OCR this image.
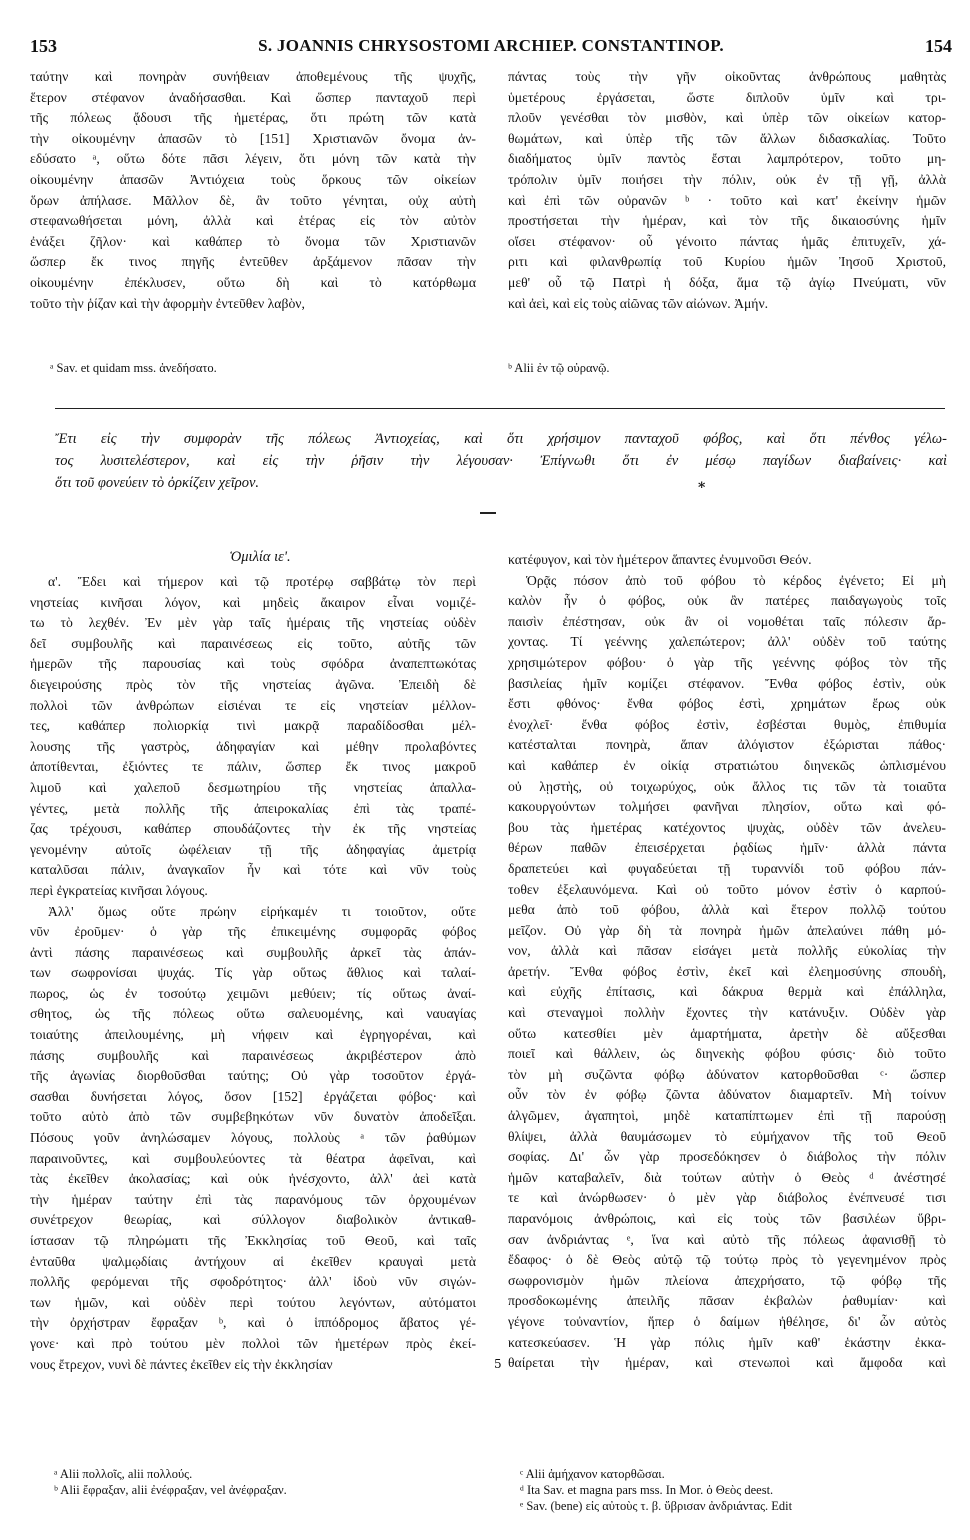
153	S. JOANNIS CHRYSOSTOMI ARCHIEP. CONSTANTINOP.	154
ταύτην καὶ πονηρὰν συνήθειαν ἀποθεμένους τῆς ψυχῆς,
ἕτερον στέφανον ἀναδήσασθαι. Καὶ ὥσπερ πανταχοῦ περὶ
τῆς πόλεως ᾄδουσι τῆς ἡμετέρας, ὅτι πρώτη τῶν κατὰ
τὴν οἰκουμένην ἁπασῶν τὸ [151] Χριστιανῶν ὄνομα ἀν-
εδύσατο ᵃ, οὕτω δότε πᾶσι λέγειν, ὅτι μόνη τῶν κατὰ τὴν
οἰκουμένην ἁπασῶν Ἀντιόχεια τοὺς ὅρκους τῶν οἰκείων
ὅρων ἀπήλασε. Μᾶλλον δὲ, ἂν τοῦτο γένηται, οὐχ αὐτὴ
στεφανωθήσεται μόνη, ἀλλὰ καὶ ἑτέρας εἰς τὸν αὐτὸν
ἐνάξει ζῆλον· καὶ καθάπερ τὸ ὄνομα τῶν Χριστιανῶν
ὥσπερ ἔκ τινος πηγῆς ἐντεῦθεν ἀρξάμενον πᾶσαν τὴν
οἰκουμένην ἐπέκλυσεν, οὕτω δὴ καὶ τὸ κατόρθωμα
τοῦτο τὴν ῥίζαν καὶ τὴν ἀφορμὴν ἐντεῦθεν λαβὸν,
πάντας τοὺς τὴν γῆν οἰκοῦντας ἀνθρώπους μαθητὰς
ὑμετέρους ἐργάσεται, ὥστε διπλοῦν ὑμῖν καὶ τρι-
πλοῦν γενέσθαι τὸν μισθὸν, καὶ ὑπὲρ τῶν οἰκείων κατορ-
θωμάτων, καὶ ὑπὲρ τῆς τῶν ἄλλων διδασκαλίας. Τοῦτο
διαδήματος ὑμῖν παντὸς ἔσται λαμπρότερον, τοῦτο μη-
τρόπολιν ὑμῖν ποιήσει τὴν πόλιν, οὐκ ἐν τῇ γῇ, ἀλλὰ
καὶ ἐπὶ τῶν οὐρανῶν ᵇ · τοῦτο καὶ κατ' ἐκείνην ἡμῶν
προστήσεται τὴν ἡμέραν, καὶ τὸν τῆς δικαιοσύνης ἡμῖν
οἴσει στέφανον· οὗ γένοιτο πάντας ἡμᾶς ἐπιτυχεῖν, χά-
ριτι καὶ φιλανθρωπίᾳ τοῦ Κυρίου ἡμῶν Ἰησοῦ Χριστοῦ,
μεθ' οὗ τῷ Πατρὶ ἡ δόξα, ἅμα τῷ ἁγίῳ Πνεύματι, νῦν
καὶ ἀεὶ, καὶ εἰς τοὺς αἰῶνας τῶν αἰώνων. Ἀμήν.
ᵃ Sav. et quidam mss. ἀνεδήσατο.	ᵇ Alii ἐν τῷ οὐρανῷ.
Ἔτι εἰς τὴν συμφορὰν τῆς πόλεως Ἀντιοχείας, καὶ ὅτι χρήσιμον πανταχοῦ φόβος, καὶ ὅτι πένθος γέλω-
τος λυσιτελέστερον, καὶ εἰς τὴν ῥῆσιν τὴν λέγουσαν· Ἐπίγνωθι ὅτι ἐν μέσῳ παγίδων διαβαίνεις· καὶ
ὅτι τοῦ φονεύειν τὸ ὀρκίζειν χεῖρον.	*
Ὁμιλία ιε'.
α'. Ἔδει καὶ τήμερον καὶ τῷ προτέρῳ σαββάτῳ τὸν περὶ
νηστείας κινῆσαι λόγον, καὶ μηδεὶς ἄκαιρον εἶναι νομιζέ-
τω τὸ λεχθέν. Ἐν μὲν γὰρ ταῖς ἡμέραις τῆς νηστείας οὐδὲν
δεῖ συμβουλῆς καὶ παραινέσεως εἰς τοῦτο, αὐτῆς τῶν
ἡμερῶν τῆς παρουσίας καὶ τοὺς σφόδρα ἀναπεπτωκότας
διεγειρούσης πρὸς τὸν τῆς νηστείας ἀγῶνα. Ἐπειδὴ δὲ
πολλοὶ τῶν ἀνθρώπων εἰσιέναι τε εἰς νηστείαν μέλλον-
τες, καθάπερ πολιορκίᾳ τινὶ μακρᾷ παραδίδοσθαι μέλ-
λουσης τῆς γαστρὸς, ἀδηφαγίαν καὶ μέθην προλαβόντες
ἀποτίθενται, ἐξιόντες τε πάλιν, ὥσπερ ἔκ τινος μακροῦ
λιμοῦ καὶ χαλεποῦ δεσμωτηρίου τῆς νηστείας ἀπαλλα-
γέντες, μετὰ πολλῆς τῆς ἀπειροκαλίας ἐπὶ τὰς τραπέ-
ζας τρέχουσι, καθάπερ σπουδάζοντες τὴν ἐκ τῆς νηστείας
γενομένην αὐτοῖς ὠφέλειαν τῇ τῆς ἀδηφαγίας ἀμετρίᾳ
καταλῦσαι πάλιν, ἀναγκαῖον ἦν καὶ τότε καὶ νῦν τοὺς
περὶ ἐγκρατείας κινῆσαι λόγους.
Ἀλλ' ὅμως οὔτε πρώην εἰρήκαμέν τι τοιοῦτον, οὔτε
νῦν ἐροῦμεν· ὁ γὰρ τῆς ἐπικειμένης συμφορᾶς φόβος
ἀντὶ πάσης παραινέσεως καὶ συμβουλῆς ἀρκεῖ τὰς ἁπάν-
των σωφρονίσαι ψυχάς. Τίς γὰρ οὕτως ἄθλιος καὶ ταλαί-
πωρος, ὡς ἐν τοσούτῳ χειμῶνι μεθύειν; τίς οὕτως ἀναί-
σθητος, ὡς τῆς πόλεως οὕτω σαλευομένης, καὶ ναυαγίας
τοιαύτης ἀπειλουμένης, μὴ νήφειν καὶ ἐγρηγορέναι, καὶ
πάσης συμβουλῆς καὶ παραινέσεως ἀκριβέστερον ἀπὸ
τῆς ἀγωνίας διορθοῦσθαι ταύτης; Οὐ γὰρ τοσοῦτον ἐργά-
σασθαι δυνήσεται λόγος, ὅσον [152] ἐργάζεται φόβος· καὶ
τοῦτο αὐτὸ ἀπὸ τῶν συμβεβηκότων νῦν δυνατὸν ἀποδεῖξαι.
Πόσους γοῦν ἀνηλώσαμεν λόγους, πολλοὺς ᵃ τῶν ῥαθύμων
παραινοῦντες, καὶ συμβουλεύοντες τὰ θέατρα ἀφεῖναι, καὶ
τὰς ἐκεῖθεν ἀκολασίας; καὶ οὐκ ἠνέσχοντο, ἀλλ' ἀεὶ κατὰ
τὴν ἡμέραν ταύτην ἐπὶ τὰς παρανόμους τῶν ὀρχουμένων
συνέτρεχον θεωρίας, καὶ σύλλογον διαβολικὸν ἀντικαθ-
ίστασαν τῷ πληρώματι τῆς Ἐκκλησίας τοῦ Θεοῦ, καὶ ταῖς
ἐνταῦθα ψαλμῳδίαις ἀντήχουν αἱ ἐκεῖθεν κραυγαὶ μετὰ
πολλῆς φερόμεναι τῆς σφοδρότητος· ἀλλ' ἰδοὺ νῦν σιγών-
των ἡμῶν, καὶ οὐδὲν περὶ τούτου λεγόντων, αὐτόματοι
τὴν ὀρχήστραν ἔφραξαν ᵇ, καὶ ὁ ἱππόδρομος ἄβατος γέ-
γονε· καὶ πρὸ τούτου μὲν πολλοὶ τῶν ἡμετέρων πρὸς ἐκεί-
νους ἔτρεχον, νυνὶ δὲ πάντες ἐκεῖθεν εἰς τὴν ἐκκλησίαν
κατέφυγον, καὶ τὸν ἡμέτερον ἅπαντες ἐνυμνοῦσι Θεόν.
Ὁρᾷς πόσον ἀπὸ τοῦ φόβου τὸ κέρδος ἐγένετο; Εἰ μὴ
καλὸν ἦν ὁ φόβος, οὐκ ἂν πατέρες παιδαγωγοὺς τοῖς
παισὶν ἐπέστησαν, οὐκ ἂν οἱ νομοθέται ταῖς πόλεσιν ἄρ-
χοντας. Τί γεέννης χαλεπώτερον; ἀλλ' οὐδὲν τοῦ ταύτης
χρησιμώτερον φόβου· ὁ γὰρ τῆς γεέννης φόβος τὸν τῆς
βασιλείας ἡμῖν κομίζει στέφανον. Ἔνθα φόβος ἐστὶν, οὐκ
ἔστι φθόνος· ἔνθα φόβος ἐστὶ, χρημάτων ἔρως οὐκ
ἐνοχλεῖ· ἔνθα φόβος ἐστὶν, ἐσβέσται θυμὸς, ἐπιθυμία
κατέσταλται πονηρὰ, ἅπαν ἀλόγιστον ἐξώρισται πάθος·
καὶ καθάπερ ἐν οἰκίᾳ στρατιώτου διηνεκῶς ὡπλισμένου
οὐ λῃστὴς, οὐ τοιχωρύχος, οὐκ ἄλλος τις τῶν τὰ τοιαῦτα
κακουργούντων τολμήσει φανῆναι πλησίον, οὕτω καὶ φό-
βου τὰς ἡμετέρας κατέχοντος ψυχὰς, οὐδὲν τῶν ἀνελευ-
θέρων παθῶν ἐπεισέρχεται ῥᾳδίως ἡμῖν· ἀλλὰ πάντα
δραπετεύει καὶ φυγαδεύεται τῇ τυραννίδι τοῦ φόβου πάν-
τοθεν ἐξελαυνόμενα. Καὶ οὐ τοῦτο μόνον ἐστὶν ὁ καρπού-
μεθα ἀπὸ τοῦ φόβου, ἀλλὰ καὶ ἕτερον πολλῷ τούτου
μεῖζον. Οὐ γὰρ δὴ τὰ πονηρὰ ἡμῶν ἀπελαύνει πάθη μό-
νον, ἀλλὰ καὶ πᾶσαν εἰσάγει μετὰ πολλῆς εὐκολίας τὴν
ἀρετήν. Ἔνθα φόβος ἐστὶν, ἐκεῖ καὶ ἐλεημοσύνης σπουδὴ,
καὶ εὐχῆς ἐπίτασις, καὶ δάκρυα θερμὰ καὶ ἐπάλληλα,
καὶ στεναγμοὶ πολλὴν ἔχοντες τὴν κατάνυξιν. Οὐδὲν γὰρ
οὕτω κατεσθίει μὲν ἁμαρτήματα, ἀρετὴν δὲ αὔξεσθαι
ποιεῖ καὶ θάλλειν, ὡς διηνεκὴς φόβου φύσις· διὸ τοῦτο
τὸν μὴ συζῶντα φόβῳ ἀδύνατον κατορθοῦσθαι ᶜ· ὥσπερ
οὖν τὸν ἐν φόβῳ ζῶντα ἀδύνατον διαμαρτεῖν. Μὴ τοίνυν
ἀλγῶμεν, ἀγαπητοὶ, μηδὲ καταπίπτωμεν ἐπὶ τῇ παρούσῃ
θλίψει, ἀλλὰ θαυμάσωμεν τὸ εὐμήχανον τῆς τοῦ Θεοῦ
σοφίας. Δι' ὧν γὰρ προσεδόκησεν ὁ διάβολος τὴν πόλιν
ἡμῶν καταβαλεῖν, διὰ τούτων αὐτὴν ὁ Θεὸς ᵈ ἀνέστησέ
τε καὶ ἀνώρθωσεν· ὁ μὲν γὰρ διάβολος ἐνέπνευσέ τισι
παρανόμοις ἀνθρώποις, καὶ εἰς τοὺς τῶν βασιλέων ὕβρι-
σαν ἀνδριάντας ᵉ, ἵνα καὶ αὐτὸ τῆς πόλεως ἀφανισθῇ τὸ
ἔδαφος· ὁ δὲ Θεὸς αὐτῷ τῷ τούτῳ πρὸς τὸ γεγενημένον πρὸς
σωφρονισμὸν ἡμῶν πλείονα ἀπεχρήσατο, τῷ φόβῳ τῆς
προσδοκωμένης ἀπειλῆς πᾶσαν ἐκβαλὼν ῥαθυμίαν· καὶ
γέγονε τοὐναντίον, ἥπερ ὁ δαίμων ἠθέλησε, δι' ὧν αὐτὸς
κατεσκεύασεν. Ἡ γὰρ πόλις ἡμῖν καθ' ἑκάστην ἐκκα-
θαίρεται τὴν ἡμέραν, καὶ στενωποὶ καὶ ἄμφοδα καὶ
5
ᵃ Alii πολλοῖς, alii πολλούς.
ᵇ Alii ἔφραξαν, alii ἐνέφραξαν, vel ἀνέφραξαν.
ᶜ Alii ἀμήχανον κατορθῶσαι.
ᵈ Ita Sav. et magna pars mss. In Mor. ὁ Θεὸς deest.
ᵉ Sav. (bene) εἰς αὐτοὺς τ. β. ὕβρισαν ἀνδριάντας. Edit
